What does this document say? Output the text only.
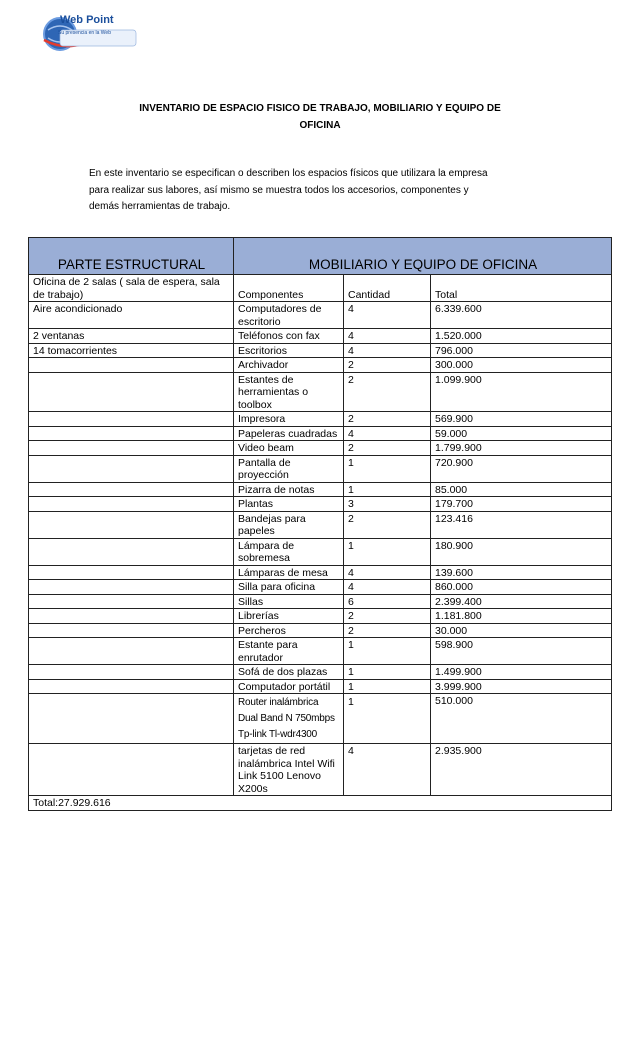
Web Point
Su presencia en la Web
INVENTARIO DE ESPACIO FISICO DE TRABAJO, MOBILIARIO Y EQUIPO DE
OFICINA
En este inventario se especifican o describen los espacios físicos que utilizara la empresa
para realizar sus labores, así mismo se muestra todos los accesorios, componentes y
demás herramientas de trabajo.
PARTE ESTRUCTURAL	MOBILIARIO Y EQUIPO DE OFICINA		
Oficina de 2 salas ( sala de espera, sala de trabajo)	Componentes	Cantidad	Total
Aire acondicionado	Computadores de escritorio	4	6.339.600
2 ventanas	Teléfonos con fax	4	1.520.000
14 tomacorrientes	Escritorios	4	796.000
	Archivador	2	300.000
	Estantes de herramientas o toolbox	2	1.099.900
	Impresora	2	569.900
	Papeleras cuadradas	4	59.000
	Video beam	2	1.799.900
	Pantalla de proyección	1	720.900
	Pizarra de notas	1	85.000
	Plantas	3	179.700
	Bandejas para papeles	2	123.416
	Lámpara de sobremesa	1	180.900
	Lámparas de mesa	4	139.600
	Silla para oficina	4	860.000
	Sillas	6	2.399.400
	Librerías	2	1.181.800
	Percheros	2	30.000
	Estante para enrutador	1	598.900
	Sofá de dos plazas	1	1.499.900
	Computador portátil	1	3.999.900
	Router inalámbrica Dual Band N 750mbps Tp-link Tl-wdr4300	1	510.000
	tarjetas de red inalámbrica Intel Wifi Link 5100 Lenovo X200s	4	2.935.900
Total:27.929.616			
